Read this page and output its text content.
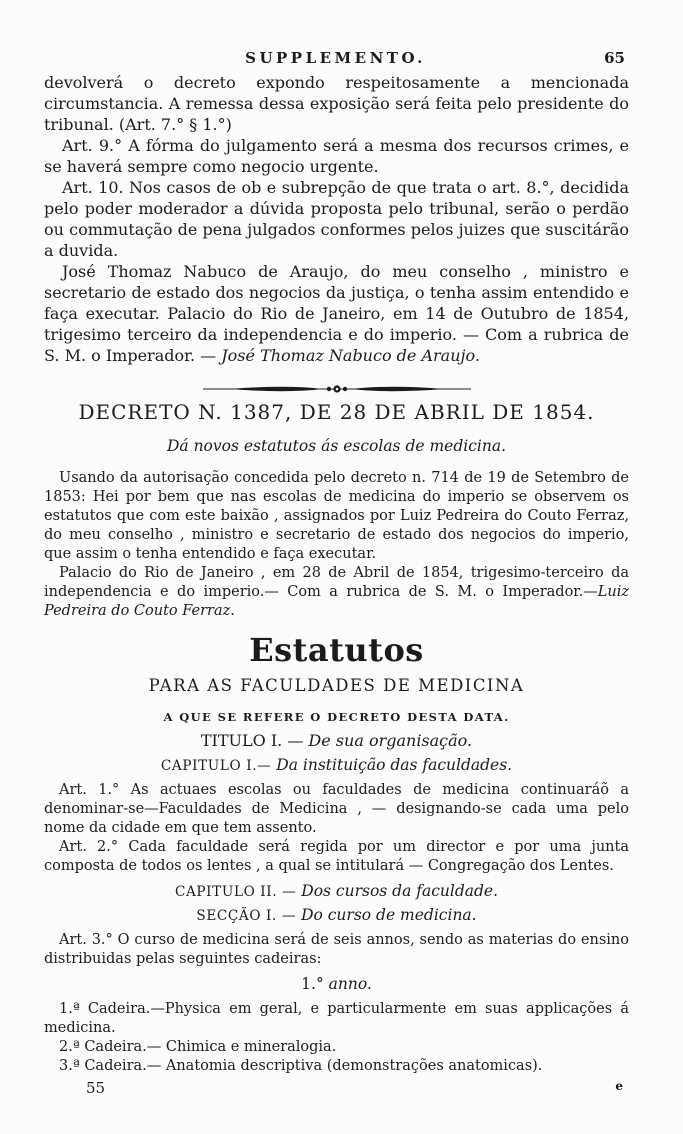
SUPPLEMENTO.	65
devolverá o decreto expondo respeitosamente a mencionada circumstancia. A remessa dessa exposição será feita pelo presidente do tribunal. (Art. 7.° § 1.°)
Art. 9.° A fórma do julgamento será a mesma dos recursos crimes, e se haverá sempre como negocio urgente.
Art. 10. Nos casos de ob e subrepção de que trata o art. 8.°, decidida pelo poder moderador a dúvida proposta pelo tribunal, serão o perdão ou commutação de pena julgados conformes pelos juizes que suscitárão a duvida.
José Thomaz Nabuco de Araujo, do meu conselho , ministro e secretario de estado dos negocios da justiça, o tenha assim entendido e faça executar. Palacio do Rio de Janeiro, em 14 de Outubro de 1854, trigesimo terceiro da independencia e do imperio. — Com a rubrica de S. M. o Imperador. — José Thomaz Nabuco de Araujo.
DECRETO N. 1387, DE 28 DE ABRIL DE 1854.
Dá novos estatutos ás escolas de medicina.
Usando da autorisação concedida pelo decreto n. 714 de 19 de Setembro de 1853: Hei por bem que nas escolas de medicina do imperio se observem os estatutos que com este baixão , assignados por Luiz Pedreira do Couto Ferraz, do meu conselho , ministro e secretario de estado dos negocios do imperio, que assim o tenha entendido e faça executar.
Palacio do Rio de Janeiro , em 28 de Abril de 1854, trigesimo-terceiro da independencia e do imperio.— Com a rubrica de S. M. o Imperador.—Luiz Pedreira do Couto Ferraz.
Estatutos
PARA AS FACULDADES DE MEDICINA
A QUE SE REFERE O DECRETO DESTA DATA.
TITULO I. — De sua organisação.
CAPITULO I.— Da instituição das faculdades.
Art. 1.° As actuaes escolas ou faculdades de medicina continuaráõ a denominar-se—Faculdades de Medicina , — designando-se cada uma pelo nome da cidade em que tem assento.
Art. 2.° Cada faculdade será regida por um director e por uma junta composta de todos os lentes , a qual se intitulará — Congregação dos Lentes.
CAPITULO II. — Dos cursos da faculdade.
SECÇÃO I. — Do curso de medicina.
Art. 3.° O curso de medicina será de seis annos, sendo as materias do ensino distribuidas pelas seguintes cadeiras:
1.° anno.
1.ª Cadeira.—Physica em geral, e particularmente em suas applicações á medicina.
2.ª Cadeira.— Chimica e mineralogia.
3.ª Cadeira.— Anatomia descriptiva (demonstrações anatomicas).
55	e
